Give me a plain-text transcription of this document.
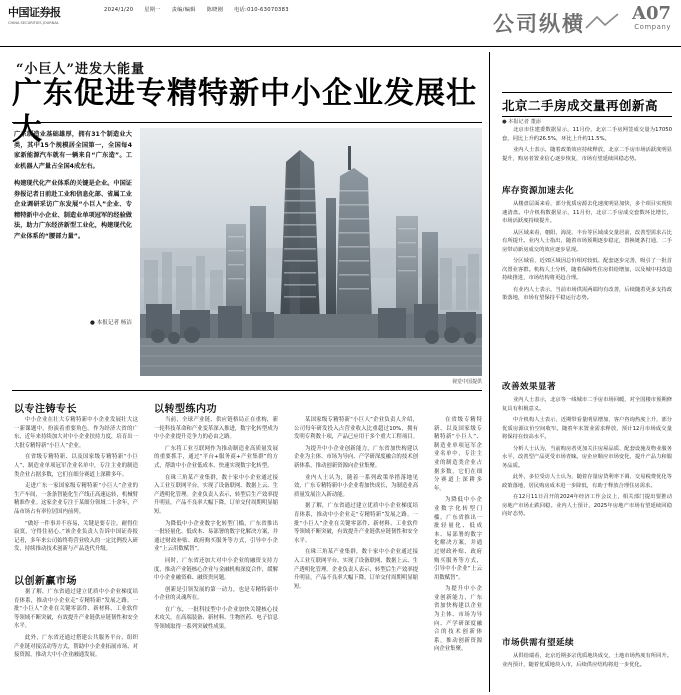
中国证券报
CHINA SECURITIES JOURNAL
2024/1/20 星期一 责编/编辑 陈晓刚 电话:010-63070383
公司纵横	A07
Company
“小巨人”进发大能量
广东促进专精特新中小企业发展壮大

广东制造业基础雄厚，拥有31个制造业大类，其中15个规模居全国第一，全国每4家新能源汽车就有一辆来自“广东造”。工业机器人产量占全国4成左右。

构建现代化产业体系的关键是企业。中国证券报记者日前赴工业和信息化部、省属工业企业调研采访广东发展“小巨人”企业、专精特新中小企业、制造业单项冠军的经验做法，助力广东经济新型工业化，构建现代化产业体系的“腰部力量”。

● 本报记者 杨洁
视觉中国提供
以专注铸专长	以转型练内功
以创新赢市场

中小企业在壮大专精特新中小企业发展壮大这一新课题中，扮演着重要角色。作为经济大省的广东，近年来持续加大对中小企业扶持力度，培育出一大批专精特新“小巨人”企业。

在省级专精特新、以及国家级专精特新“小巨人”、制造业单项冠军企业名单中，专注主业的制造类企业占据多数，它们在细分赛道上深耕多年。

走进广东一家国家级专精特新“小巨人”企业的生产车间，一条条智能化生产线正高速运转，机械臂精准作业。这家企业专注于某细分领域二十余年，产品市场占有率位居国内前列。

“做好一件事并不容易，关键是要专注，耐得住寂寞，守得住初心。”该企业负责人告诉中国证券报记者，多年来公司始终将营业收入的一定比例投入研发，持续推动技术创新与产品迭代升级。

据了解，广东省通过建立优质中小企业梯度培育体系，推动中小企业走“专精特新”发展之路。一批“小巨人”企业在关键零部件、新材料、工业软件等领域不断突破，有效提升产业链供应链韧性和安全水平。

此外，广东省还通过搭建公共服务平台、组织产业链对接活动等方式，帮助中小企业拓展市场、对接资源，推动大中小企业融通发展。

当前，全球产业链、供应链格局正在重构，新一轮科技革命和产业变革深入推进，数字化转型成为中小企业提升竞争力的必由之路。

广东将工业互联网作为推动制造业高质量发展的重要抓手，通过“平台+服务商+产业集群”的方式，帮助中小企业低成本、快速实现数字化转型。

在珠三角某产业集群，数十家中小企业通过接入工业互联网平台，实现了设备联网、数据上云、生产透明化管理。企业负责人表示，转型后生产效率提升明显，产品不良率大幅下降，订单交付周期明显缩短。

为降低中小企业数字化转型门槛，广东省推出一批轻量化、低成本、易部署的数字化解决方案，并通过财政补贴、政府购买服务等方式，引导中小企业“上云用数赋智”。

同时，广东省还加大对中小企业的融资支持力度，推动产业链核心企业与金融机构深度合作，缓解中小企业融资难、融资贵问题。

创新是引领发展的第一动力，也是专精特新中小企业的灵魂所在。

在广东，一批科技型中小企业加快关键核心技术攻关，在高端装备、新材料、生物医药、电子信息等领域取得一系列突破性成果。

某国家级专精特新“小巨人”企业负责人介绍，公司每年研发投入占营业收入比重超过10%，拥有发明专利数十项，产品已应用于多个重大工程项目。

为提升中小企业创新能力，广东省加快构建以企业为主体、市场为导向、产学研深度融合的技术创新体系，推动创新资源向企业集聚。

业内人士认为，随着一系列政策举措落地见效，广东专精特新中小企业将加快成长，为制造业高质量发展注入新动能。

据了解，广东省通过建立优质中小企业梯度培育体系，推动中小企业走“专精特新”发展之路。一批“小巨人”企业在关键零部件、新材料、工业软件等领域不断突破，有效提升产业链供应链韧性和安全水平。

在珠三角某产业集群，数十家中小企业通过接入工业互联网平台，实现了设备联网、数据上云、生产透明化管理。企业负责人表示，转型后生产效率提升明显，产品不良率大幅下降，订单交付周期明显缩短。

在省级专精特新、以及国家级专精特新“小巨人”、制造业单项冠军企业名单中，专注主业的制造类企业占据多数，它们在细分赛道上深耕多年。

为降低中小企业数字化转型门槛，广东省推出一批轻量化、低成本、易部署的数字化解决方案，并通过财政补贴、政府购买服务等方式，引导中小企业“上云用数赋智”。

为提升中小企业创新能力，广东省加快构建以企业为主体、市场为导向、产学研深度融合的技术创新体系，推动创新资源向企业集聚。

北京二手房成交量再创新高
● 本报记者 董添

北京市住建委数据显示，11月份，北京二手房网签成交量为17050套，同比上升约26.5%，环比上升约11.5%。

业内人士表示，随着政策效应持续释放，北京二手房市场活跃度明显提升，购房者置业信心逐步恢复，市场有望延续回稳态势。

库存资源加速去化

从楼盘层面来看，部分优质房源去化速度明显加快，多个项目实现快速清盘。中介机构数据显示，11月份，北京二手房成交套数环比增长，市场活跃度持续提升。

从区域来看，朝阳、海淀、丰台等区域成交量居前，改善型需求占比有所提升。业内人士指出，随着市场预期逐步稳定，置换链条打通，二手房带动新房成交的效应逐步显现。

分区域看，近郊区域因总价相对较低、配套逐步完善，吸引了一批首次置业客群。机构人士分析，随着保障性住房供给增加，以及城中村改造持续推进，市场结构将更趋合理。

有业内人士表示，当前市场供需两端均有改善，后续随着更多支持政策落地，市场有望保持平稳运行态势。

改善效果显著

业内人士表示，北京等一线城市二手房市场回暖，对全国楼市预期修复具有积极意义。

中介机构人士表示，近期带看量明显增加，客户咨询热度上升，部分优质房源议价空间收窄。随着年末置业需求释放，预计12月市场成交量将保持在较高水平。

分析人士认为，当前购房者更加关注房屋品质、配套设施及物业服务水平，改善型产品更受市场青睐。房企应顺应市场变化，提升产品力和服务品质。

此外，多位受访人士认为，随着存量房贷利率下调、交易税费优化等政策落地，居民购房成本进一步降低，有助于释放合理住房需求。

在12月11日召开的2024年经济工作会议上，相关部门提出要推动房地产市场止跌回稳。业内人士预计，2025年房地产市场有望延续回稳向好态势。

市场供需有望延续

从供给端看，北京近期多宗优质地块成交，土地市场热度有所回升。业内预计，随着优质地块入市，后续供应结构将进一步优化。
